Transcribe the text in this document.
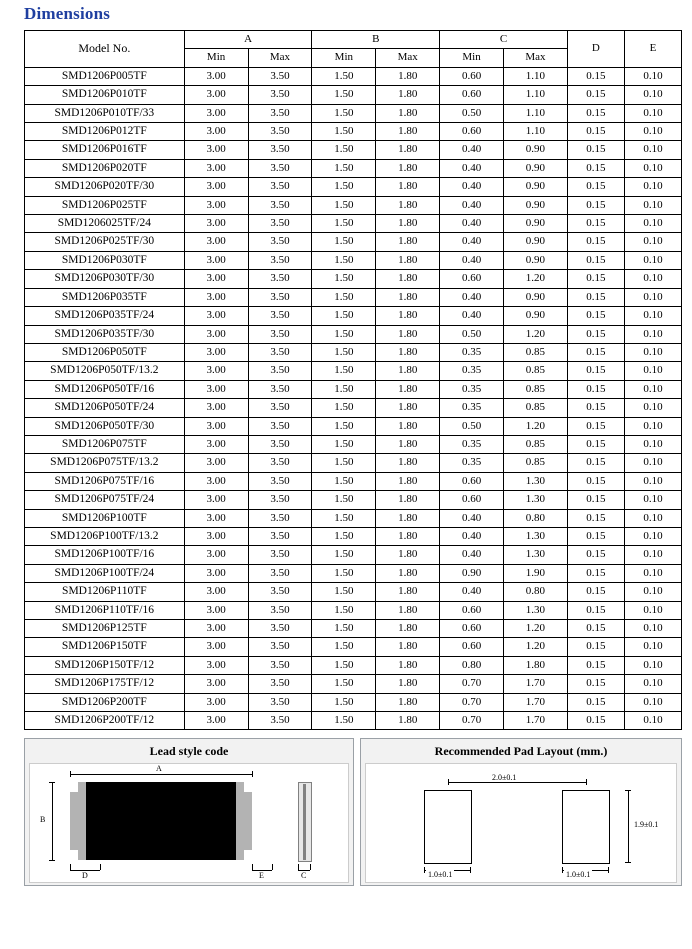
Dimensions
Model No.	A		B		C		D	E
	Min	Max	Min	Max	Min	Max		
SMD1206P005TF	3.00	3.50	1.50	1.80	0.60	1.10	0.15	0.10
SMD1206P010TF	3.00	3.50	1.50	1.80	0.60	1.10	0.15	0.10
SMD1206P010TF/33	3.00	3.50	1.50	1.80	0.50	1.10	0.15	0.10
SMD1206P012TF	3.00	3.50	1.50	1.80	0.60	1.10	0.15	0.10
SMD1206P016TF	3.00	3.50	1.50	1.80	0.40	0.90	0.15	0.10
SMD1206P020TF	3.00	3.50	1.50	1.80	0.40	0.90	0.15	0.10
SMD1206P020TF/30	3.00	3.50	1.50	1.80	0.40	0.90	0.15	0.10
SMD1206P025TF	3.00	3.50	1.50	1.80	0.40	0.90	0.15	0.10
SMD1206025TF/24	3.00	3.50	1.50	1.80	0.40	0.90	0.15	0.10
SMD1206P025TF/30	3.00	3.50	1.50	1.80	0.40	0.90	0.15	0.10
SMD1206P030TF	3.00	3.50	1.50	1.80	0.40	0.90	0.15	0.10
SMD1206P030TF/30	3.00	3.50	1.50	1.80	0.60	1.20	0.15	0.10
SMD1206P035TF	3.00	3.50	1.50	1.80	0.40	0.90	0.15	0.10
SMD1206P035TF/24	3.00	3.50	1.50	1.80	0.40	0.90	0.15	0.10
SMD1206P035TF/30	3.00	3.50	1.50	1.80	0.50	1.20	0.15	0.10
SMD1206P050TF	3.00	3.50	1.50	1.80	0.35	0.85	0.15	0.10
SMD1206P050TF/13.2	3.00	3.50	1.50	1.80	0.35	0.85	0.15	0.10
SMD1206P050TF/16	3.00	3.50	1.50	1.80	0.35	0.85	0.15	0.10
SMD1206P050TF/24	3.00	3.50	1.50	1.80	0.35	0.85	0.15	0.10
SMD1206P050TF/30	3.00	3.50	1.50	1.80	0.50	1.20	0.15	0.10
SMD1206P075TF	3.00	3.50	1.50	1.80	0.35	0.85	0.15	0.10
SMD1206P075TF/13.2	3.00	3.50	1.50	1.80	0.35	0.85	0.15	0.10
SMD1206P075TF/16	3.00	3.50	1.50	1.80	0.60	1.30	0.15	0.10
SMD1206P075TF/24	3.00	3.50	1.50	1.80	0.60	1.30	0.15	0.10
SMD1206P100TF	3.00	3.50	1.50	1.80	0.40	0.80	0.15	0.10
SMD1206P100TF/13.2	3.00	3.50	1.50	1.80	0.40	1.30	0.15	0.10
SMD1206P100TF/16	3.00	3.50	1.50	1.80	0.40	1.30	0.15	0.10
SMD1206P100TF/24	3.00	3.50	1.50	1.80	0.90	1.90	0.15	0.10
SMD1206P110TF	3.00	3.50	1.50	1.80	0.40	0.80	0.15	0.10
SMD1206P110TF/16	3.00	3.50	1.50	1.80	0.60	1.30	0.15	0.10
SMD1206P125TF	3.00	3.50	1.50	1.80	0.60	1.20	0.15	0.10
SMD1206P150TF	3.00	3.50	1.50	1.80	0.60	1.20	0.15	0.10
SMD1206P150TF/12	3.00	3.50	1.50	1.80	0.80	1.80	0.15	0.10
SMD1206P175TF/12	3.00	3.50	1.50	1.80	0.70	1.70	0.15	0.10
SMD1206P200TF	3.00	3.50	1.50	1.80	0.70	1.70	0.15	0.10
SMD1206P200TF/12	3.00	3.50	1.50	1.80	0.70	1.70	0.15	0.10
Lead style code
A
B
D	E	C
Recommended Pad Layout (mm.)
2.0±0.1
1.9±0.1
1.0±0.1	1.0±0.1
